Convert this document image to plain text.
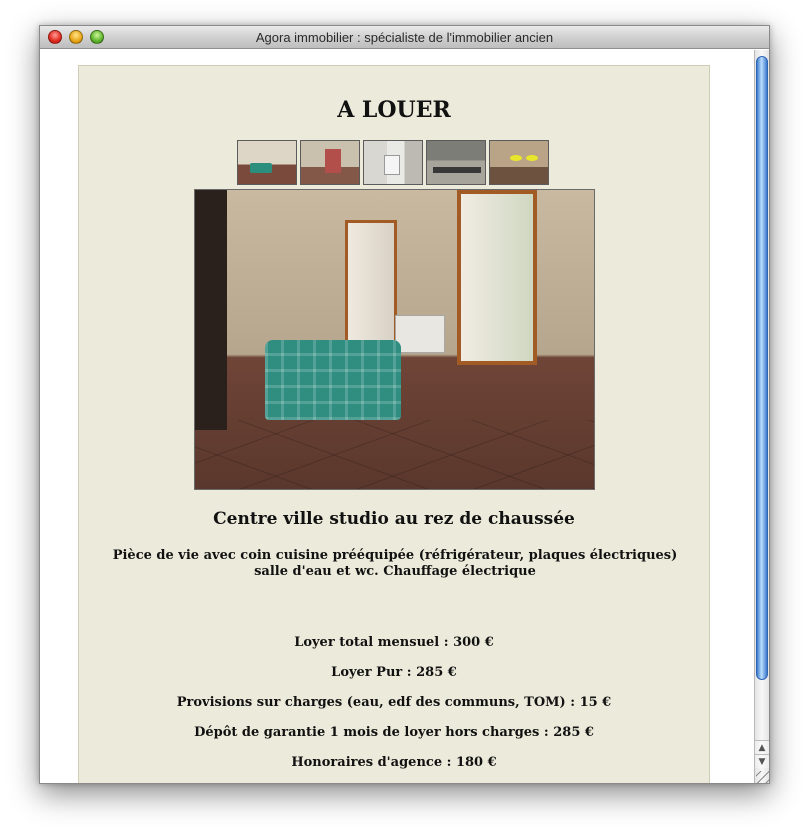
Agora immobilier : spécialiste de l'immobilier ancien
A LOUER
Centre ville studio au rez de chaussée
Pièce de vie avec coin cuisine prééquipée (réfrigérateur, plaques électriques) salle d'eau et wc. Chauffage électrique
Loyer total mensuel : 300 €
Loyer Pur : 285 €
Provisions sur charges (eau, edf des communs, TOM) : 15 €
Dépôt de garantie 1 mois de loyer hors charges : 285 €
Honoraires d'agence : 180 €
▲
▼
